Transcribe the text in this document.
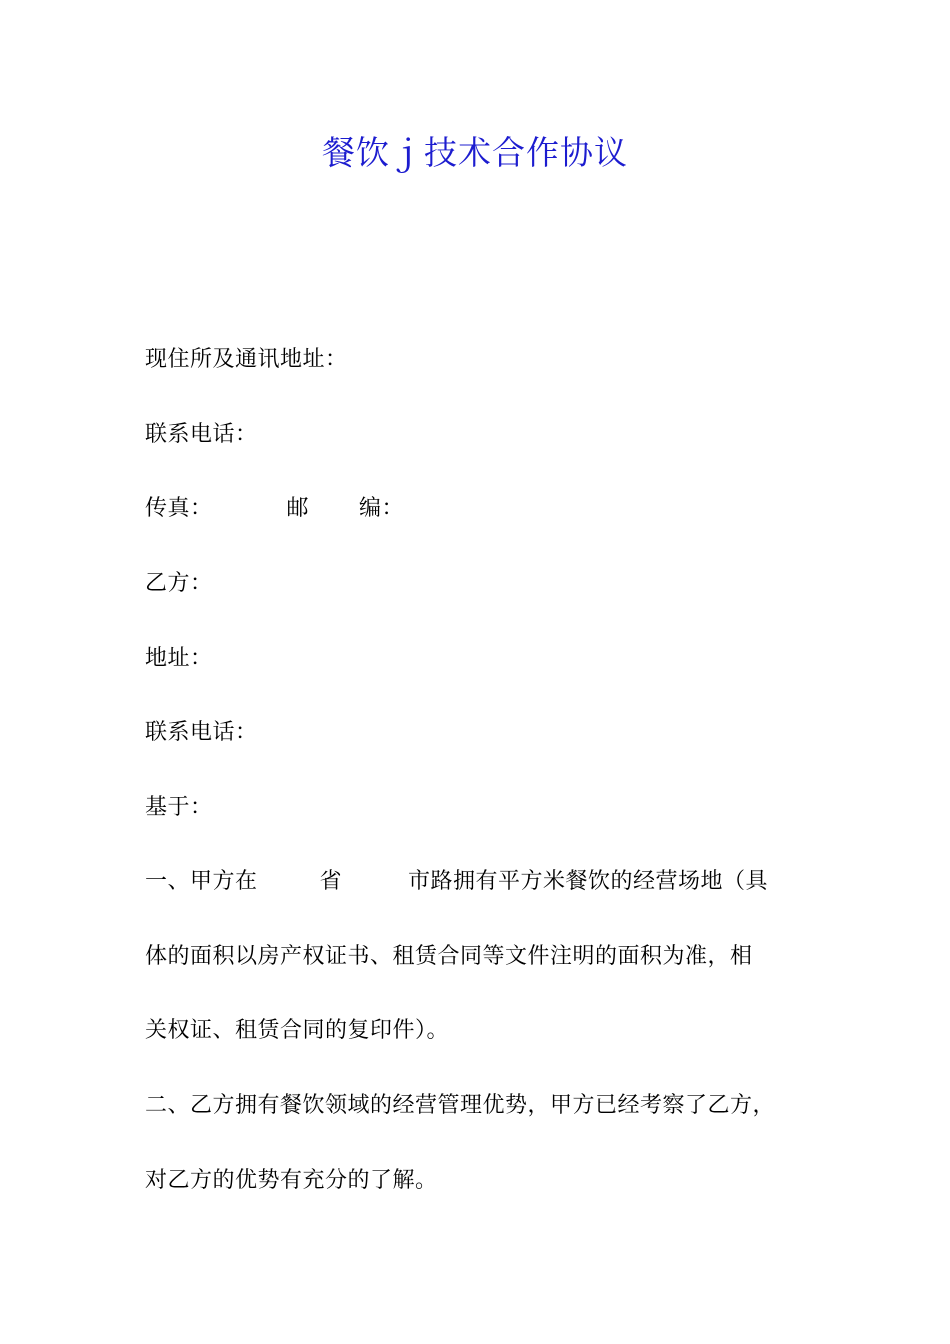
餐饮ｊ技术合作协议
现住所及通讯地址：
联系电话：
传真：	邮 编：
乙方：
地址：
联系电话：
基于：
一、甲方在	省	市路拥有平方米餐饮的经营场地（具
体的面积以房产权证书、租赁合同等文件注明的面积为准，相
关权证、租赁合同的复印件）。
二、乙方拥有餐饮领域的经营管理优势，甲方已经考察了乙方，
对乙方的优势有充分的了解。
